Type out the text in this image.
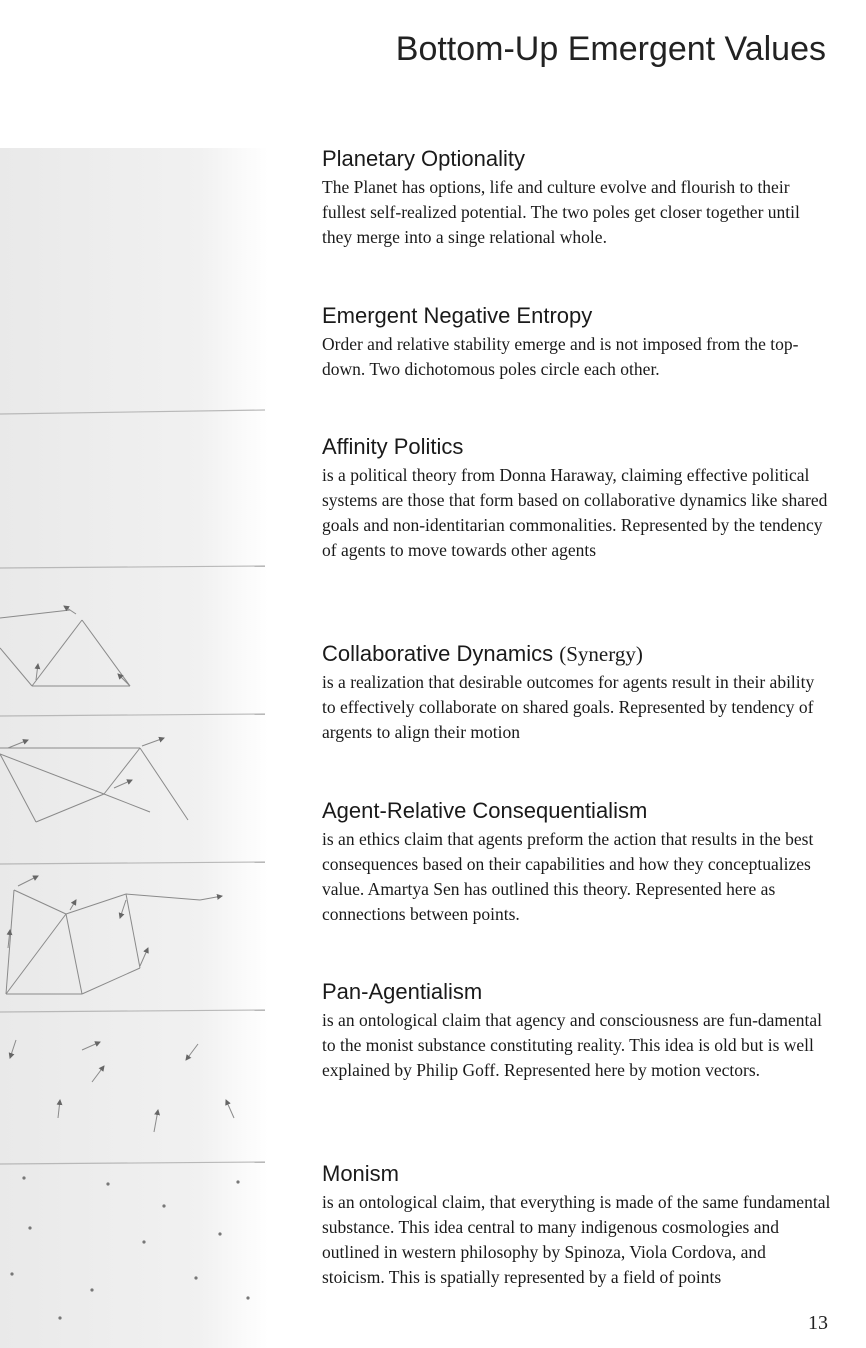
Bottom-Up Emergent Values
Planetary Optionality

The Planet has options, life and culture evolve and flourish to their fullest self-realized potential. The two poles get closer together until they merge into a singe relational whole.

Emergent Negative Entropy

Order and relative stability emerge and is not imposed from the top-down. Two dichotomous poles circle each other.

Affinity Politics

is a political theory from Donna Haraway, claiming effective political systems are those that form based on collaborative dynamics like shared goals and non-identitarian commonalities. Represented by the tendency of agents to move towards other agents

Collaborative Dynamics (Synergy)

is a realization that desirable outcomes for agents result in their ability to effectively collaborate on shared goals. Represented by tendency of argents to align their motion

Agent-Relative Consequentialism

is an ethics claim that agents preform the action that results in the best consequences based on their capabilities and how they conceptualizes value. Amartya Sen has outlined this theory. Represented here as connections between points.

Pan-Agentialism

is an ontological claim that agency and consciousness are fun-damental to the monist substance constituting reality. This idea is old but is well explained by Philip Goff. Represented here by motion vectors.

Monism

is an ontological claim, that everything is made of the same fundamental substance. This idea central to many indigenous cosmologies and outlined in western philosophy by Spinoza, Viola Cordova, and stoicism. This is spatially represented by a field of points

13
